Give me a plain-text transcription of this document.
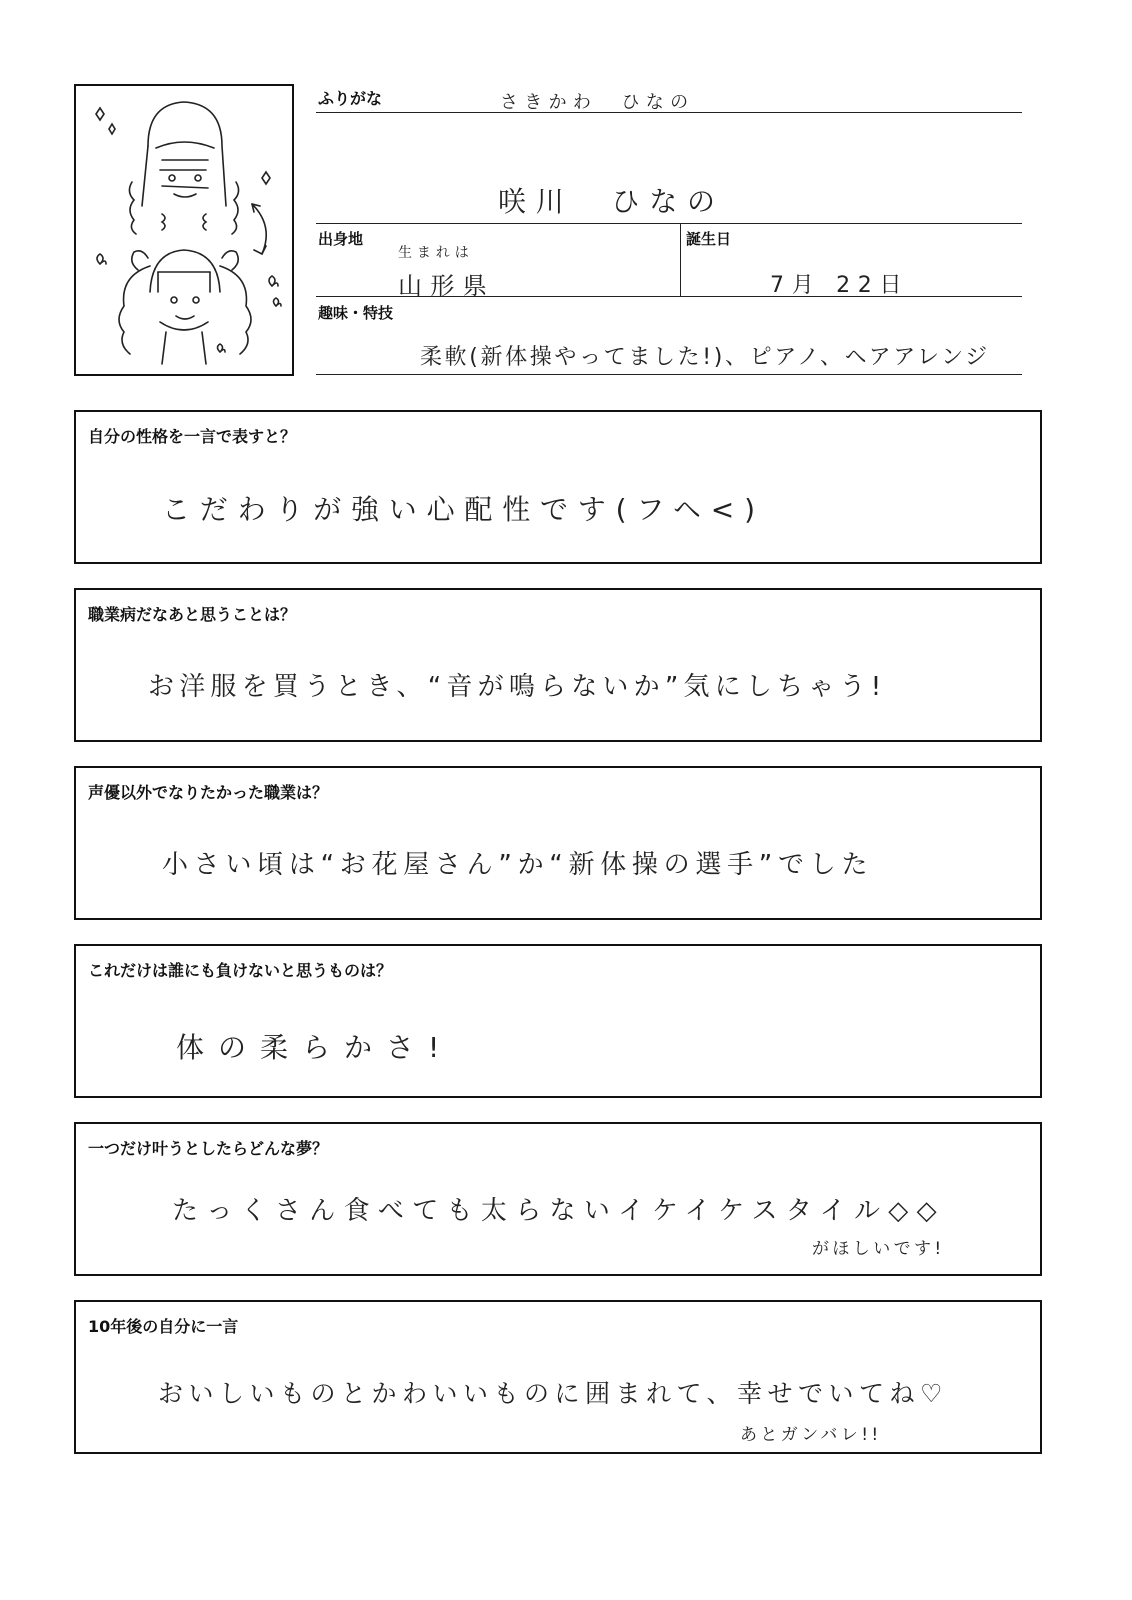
ふりがな	さきかわ　ひなの
咲川　ひなの
出身地
生まれは
山形県
誕生日
7月 22日
趣味・特技
柔軟(新体操やってました!)、ピアノ、ヘアアレンジ
自分の性格を一言で表すと？
こだわりが強い心配性です(フヘ<)
職業病だなあと思うことは？
お洋服を買うとき、“音が鳴らないか”気にしちゃう!
声優以外でなりたかった職業は？
小さい頃は“お花屋さん”か“新体操の選手”でした
これだけは誰にも負けないと思うものは？
体の柔らかさ!
一つだけ叶うとしたらどんな夢？
たっくさん食べても太らないイケイケスタイル◇◇
がほしいです!
10年後の自分に一言
おいしいものとかわいいものに囲まれて、幸せでいてね♡
あとガンバレ!!
